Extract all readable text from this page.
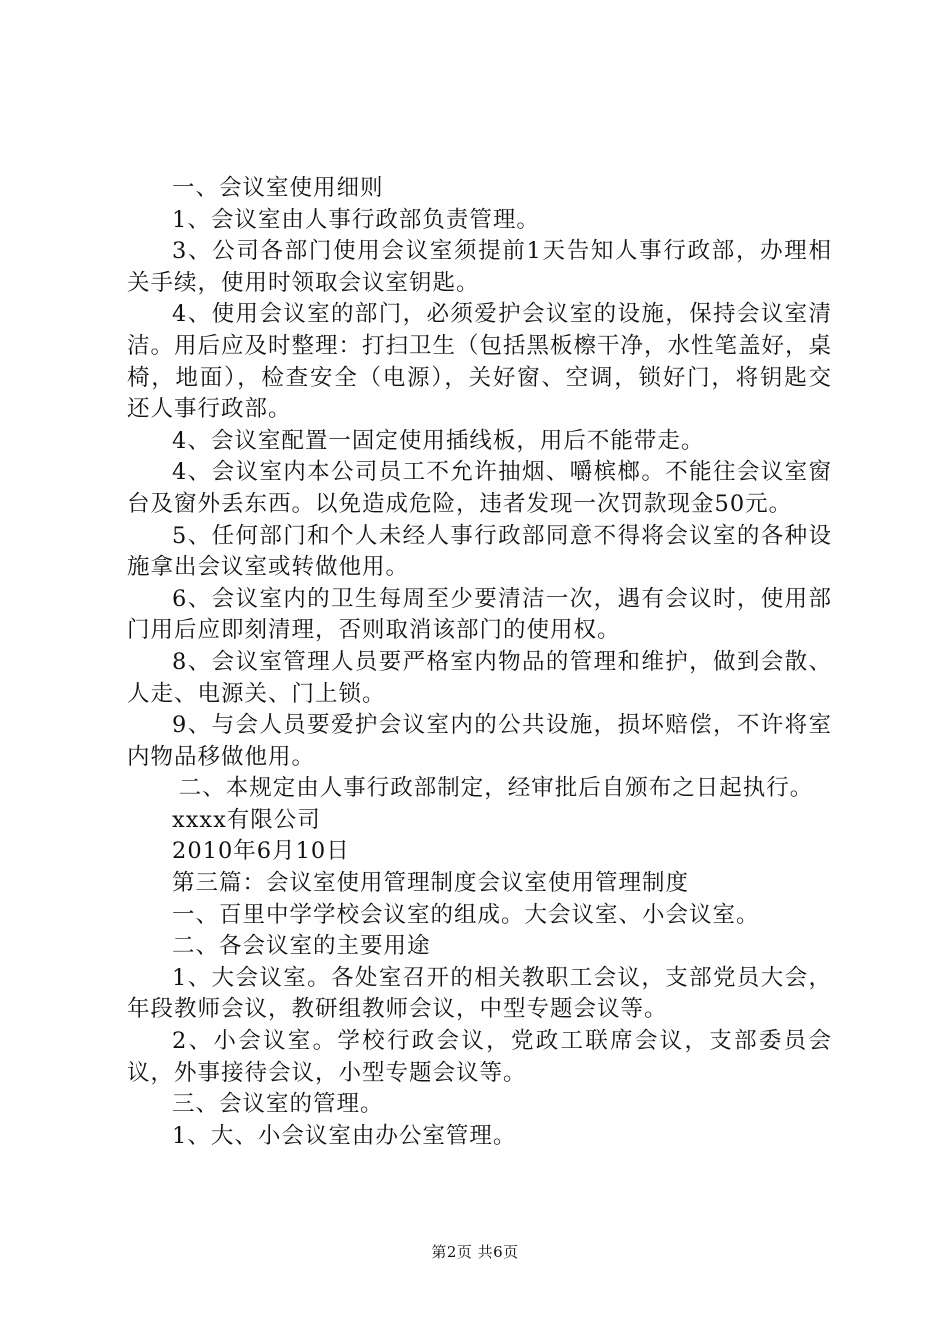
一、会议室使用细则

1、会议室由人事行政部负责管理。

3、公司各部门使用会议室须提前1天告知人事行政部，办理相关手续，使用时领取会议室钥匙。

4、使用会议室的部门，必须爱护会议室的设施，保持会议室清洁。用后应及时整理：打扫卫生（包括黑板檫干净，水性笔盖好，桌椅，地面），检查安全（电源），关好窗、空调，锁好门，将钥匙交还人事行政部。

4、会议室配置一固定使用插线板，用后不能带走。

4、会议室内本公司员工不允许抽烟、嚼槟榔。不能往会议室窗台及窗外丢东西。以免造成危险，违者发现一次罚款现金50元。

5、任何部门和个人未经人事行政部同意不得将会议室的各种设施拿出会议室或转做他用。

6、会议室内的卫生每周至少要清洁一次，遇有会议时，使用部门用后应即刻清理，否则取消该部门的使用权。

8、会议室管理人员要严格室内物品的管理和维护，做到会散、人走、电源关、门上锁。

9、与会人员要爱护会议室内的公共设施，损坏赔偿，不许将室内物品移做他用。

二、本规定由人事行政部制定，经审批后自颁布之日起执行。

xxxx有限公司

2010年6月10日

第三篇：会议室使用管理制度会议室使用管理制度

一、百里中学学校会议室的组成。大会议室、小会议室。

二、各会议室的主要用途

1、大会议室。各处室召开的相关教职工会议，支部党员大会，年段教师会议，教研组教师会议，中型专题会议等。

2、小会议室。学校行政会议，党政工联席会议，支部委员会议，外事接待会议，小型专题会议等。

三、会议室的管理。

1、大、小会议室由办公室管理。

第2页 共6页
